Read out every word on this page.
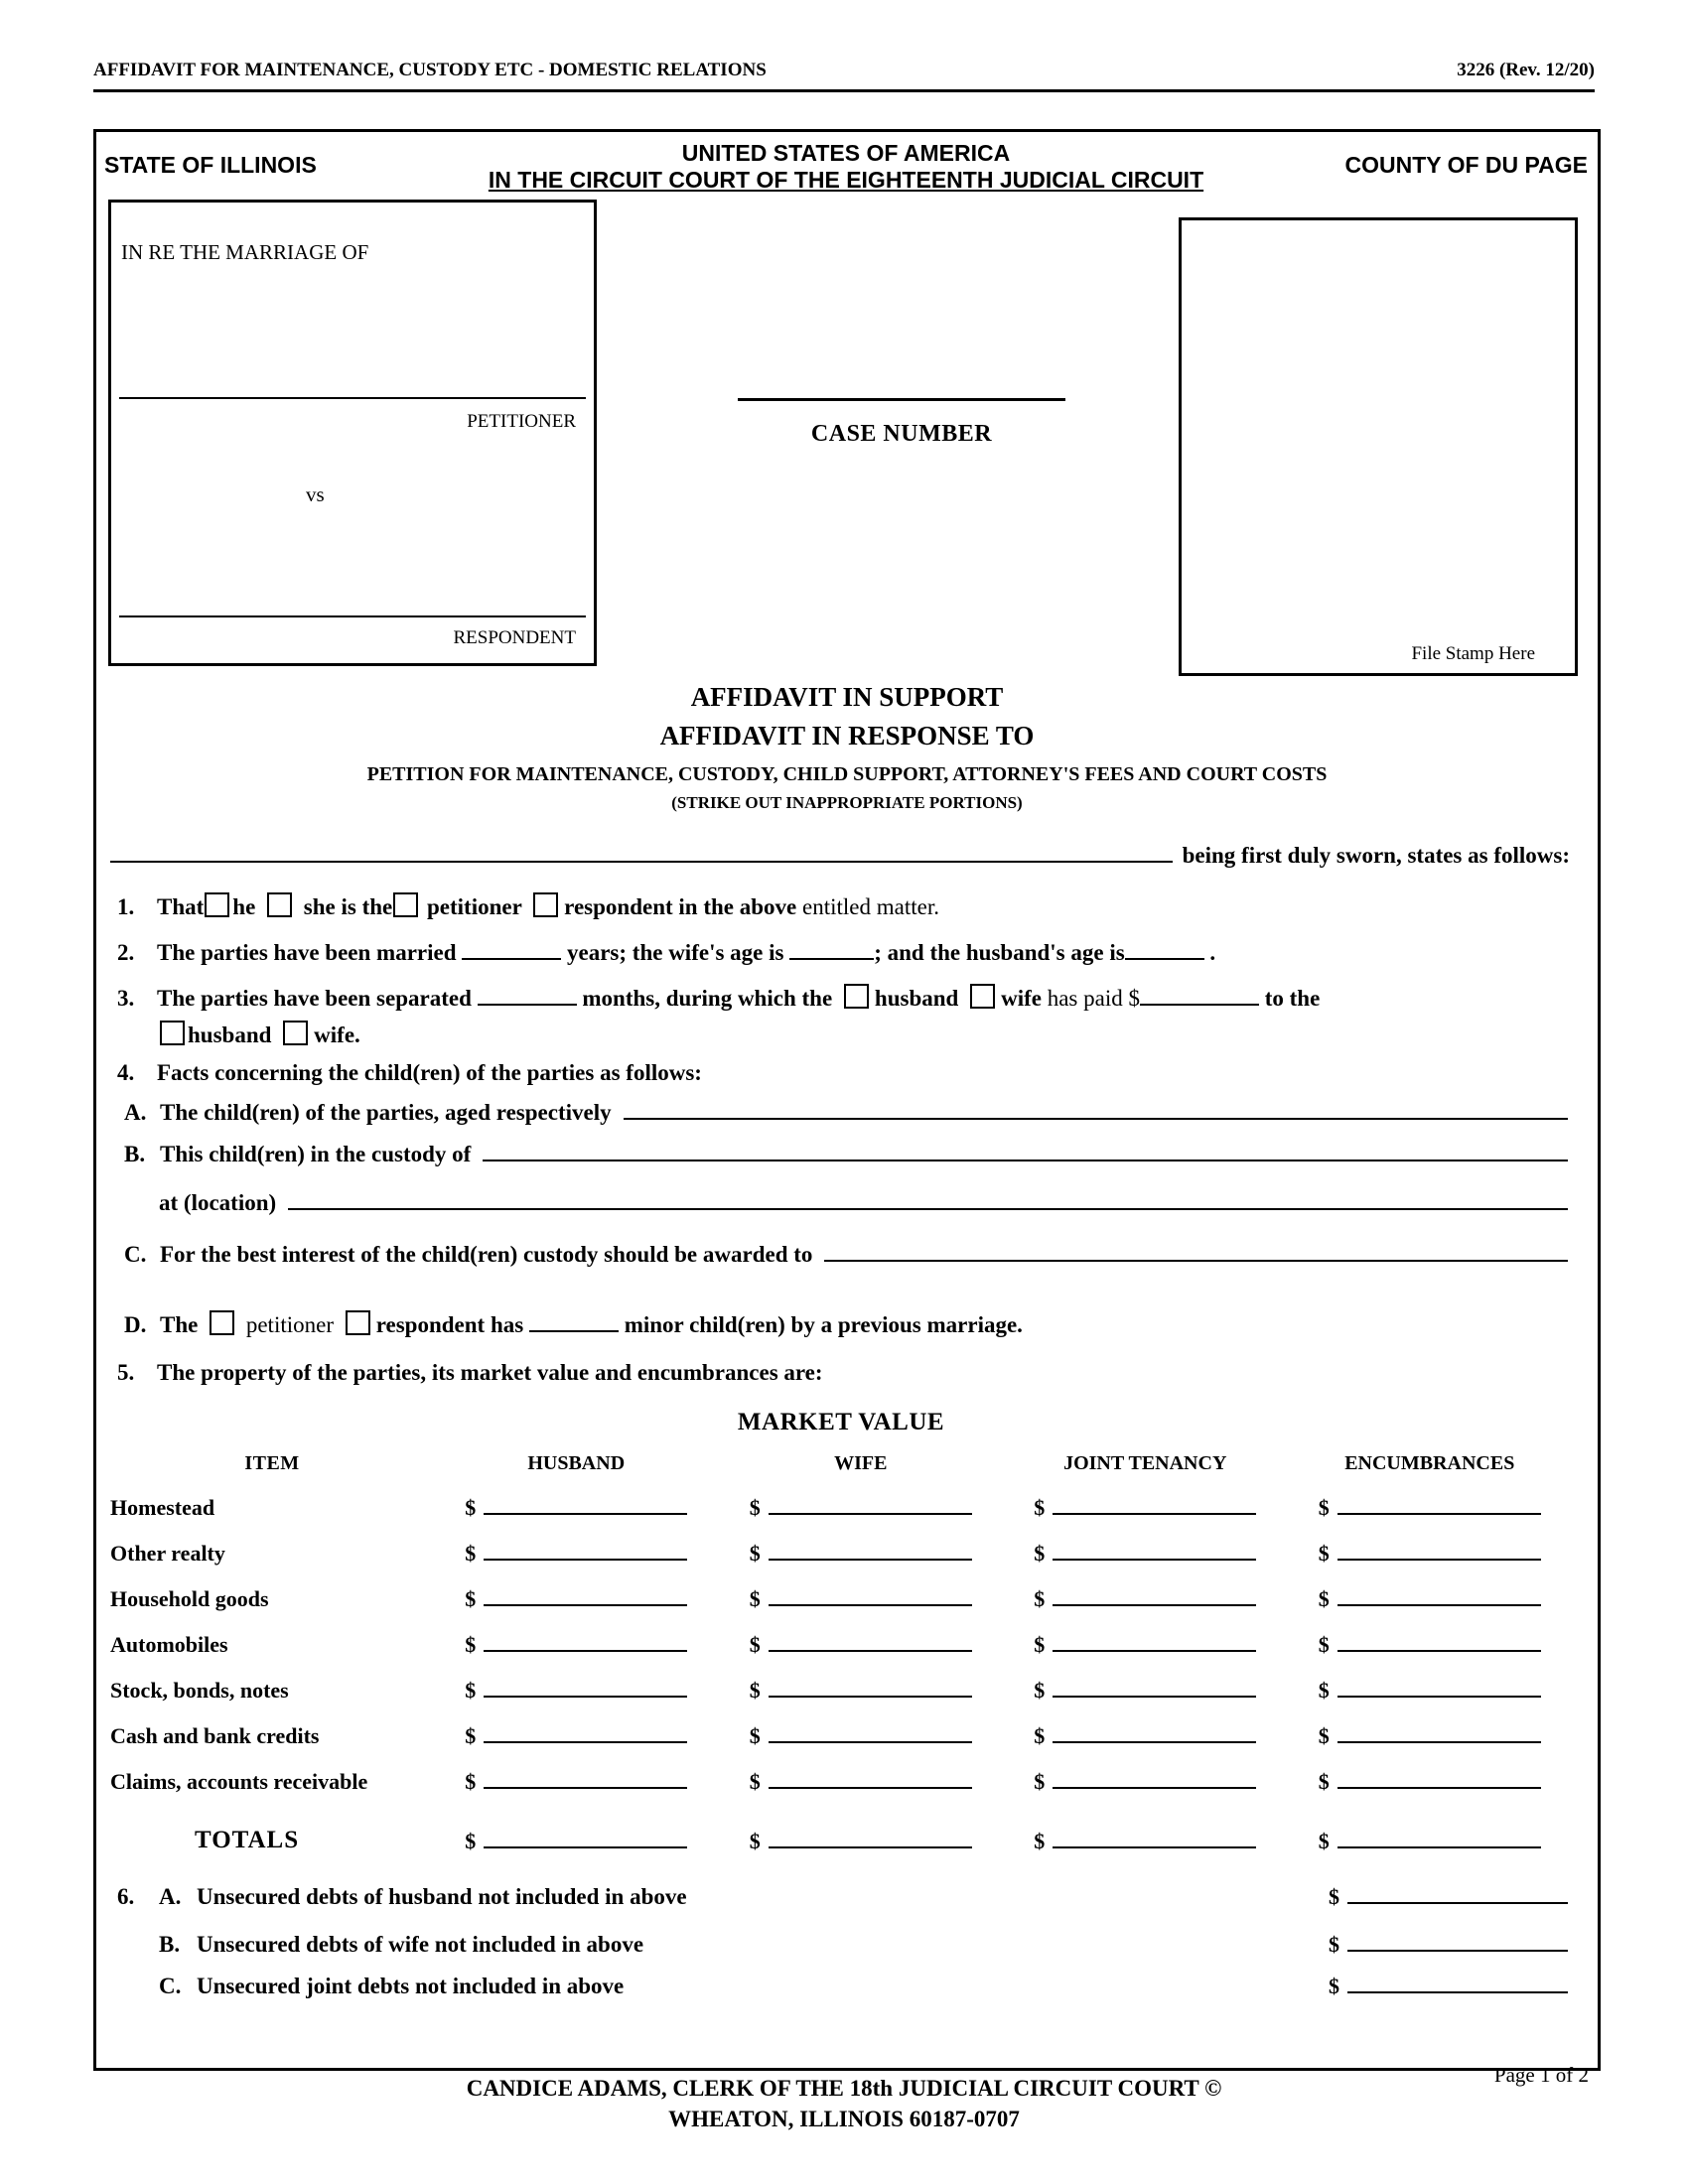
AFFIDAVIT FOR MAINTENANCE, CUSTODY ETC - DOMESTIC RELATIONS	3226 (Rev. 12/20)
STATE OF ILLINOIS	UNITED STATES OF AMERICA
IN THE CIRCUIT COURT OF THE EIGHTEENTH JUDICIAL CIRCUIT
COUNTY OF DU PAGE
IN RE THE MARRIAGE OF
PETITIONER
vs
RESPONDENT
CASE NUMBER
File Stamp Here
AFFIDAVIT IN SUPPORT
AFFIDAVIT IN RESPONSE TO
PETITION FOR MAINTENANCE, CUSTODY, CHILD SUPPORT, ATTORNEY'S FEES AND COURT COSTS
(STRIKE OUT INAPPROPRIATE PORTIONS)
being first duly sworn, states as follows:
1. That he she is the petitioner respondent in the above entitled matter.
2. The parties have been married	years; the wife's age is	; and the husband's age is	.
3. The parties have been separated	months, during which the husband wife has paid $	to the
husband wife.
4. Facts concerning the child(ren) of the parties as follows:
A. The child(ren) of the parties, aged respectively
B. This child(ren) in the custody of
at (location)
C. For the best interest of the child(ren) custody should be awarded to
D. The petitioner respondent has	minor child(ren) by a previous marriage.
5. The property of the parties, its market value and encumbrances are:
MARKET VALUE
ITEM	HUSBAND	WIFE	JOINT TENANCY	ENCUMBRANCES
Homestead	$	$	$	$
Other realty	$	$	$	$
Household goods	$	$	$	$
Automobiles	$	$	$	$
Stock, bonds, notes	$	$	$	$
Cash and bank credits	$	$	$	$
Claims, accounts receivable	$	$	$	$
TOTALS	$	$	$	$
6.	A. Unsecured debts of husband not included in above	$
B. Unsecured debts of wife not included in above	$
C. Unsecured joint debts not included in above	$
CANDICE ADAMS, CLERK OF THE 18th JUDICIAL CIRCUIT COURT ©
WHEATON, ILLINOIS 60187-0707
Page 1 of 2
